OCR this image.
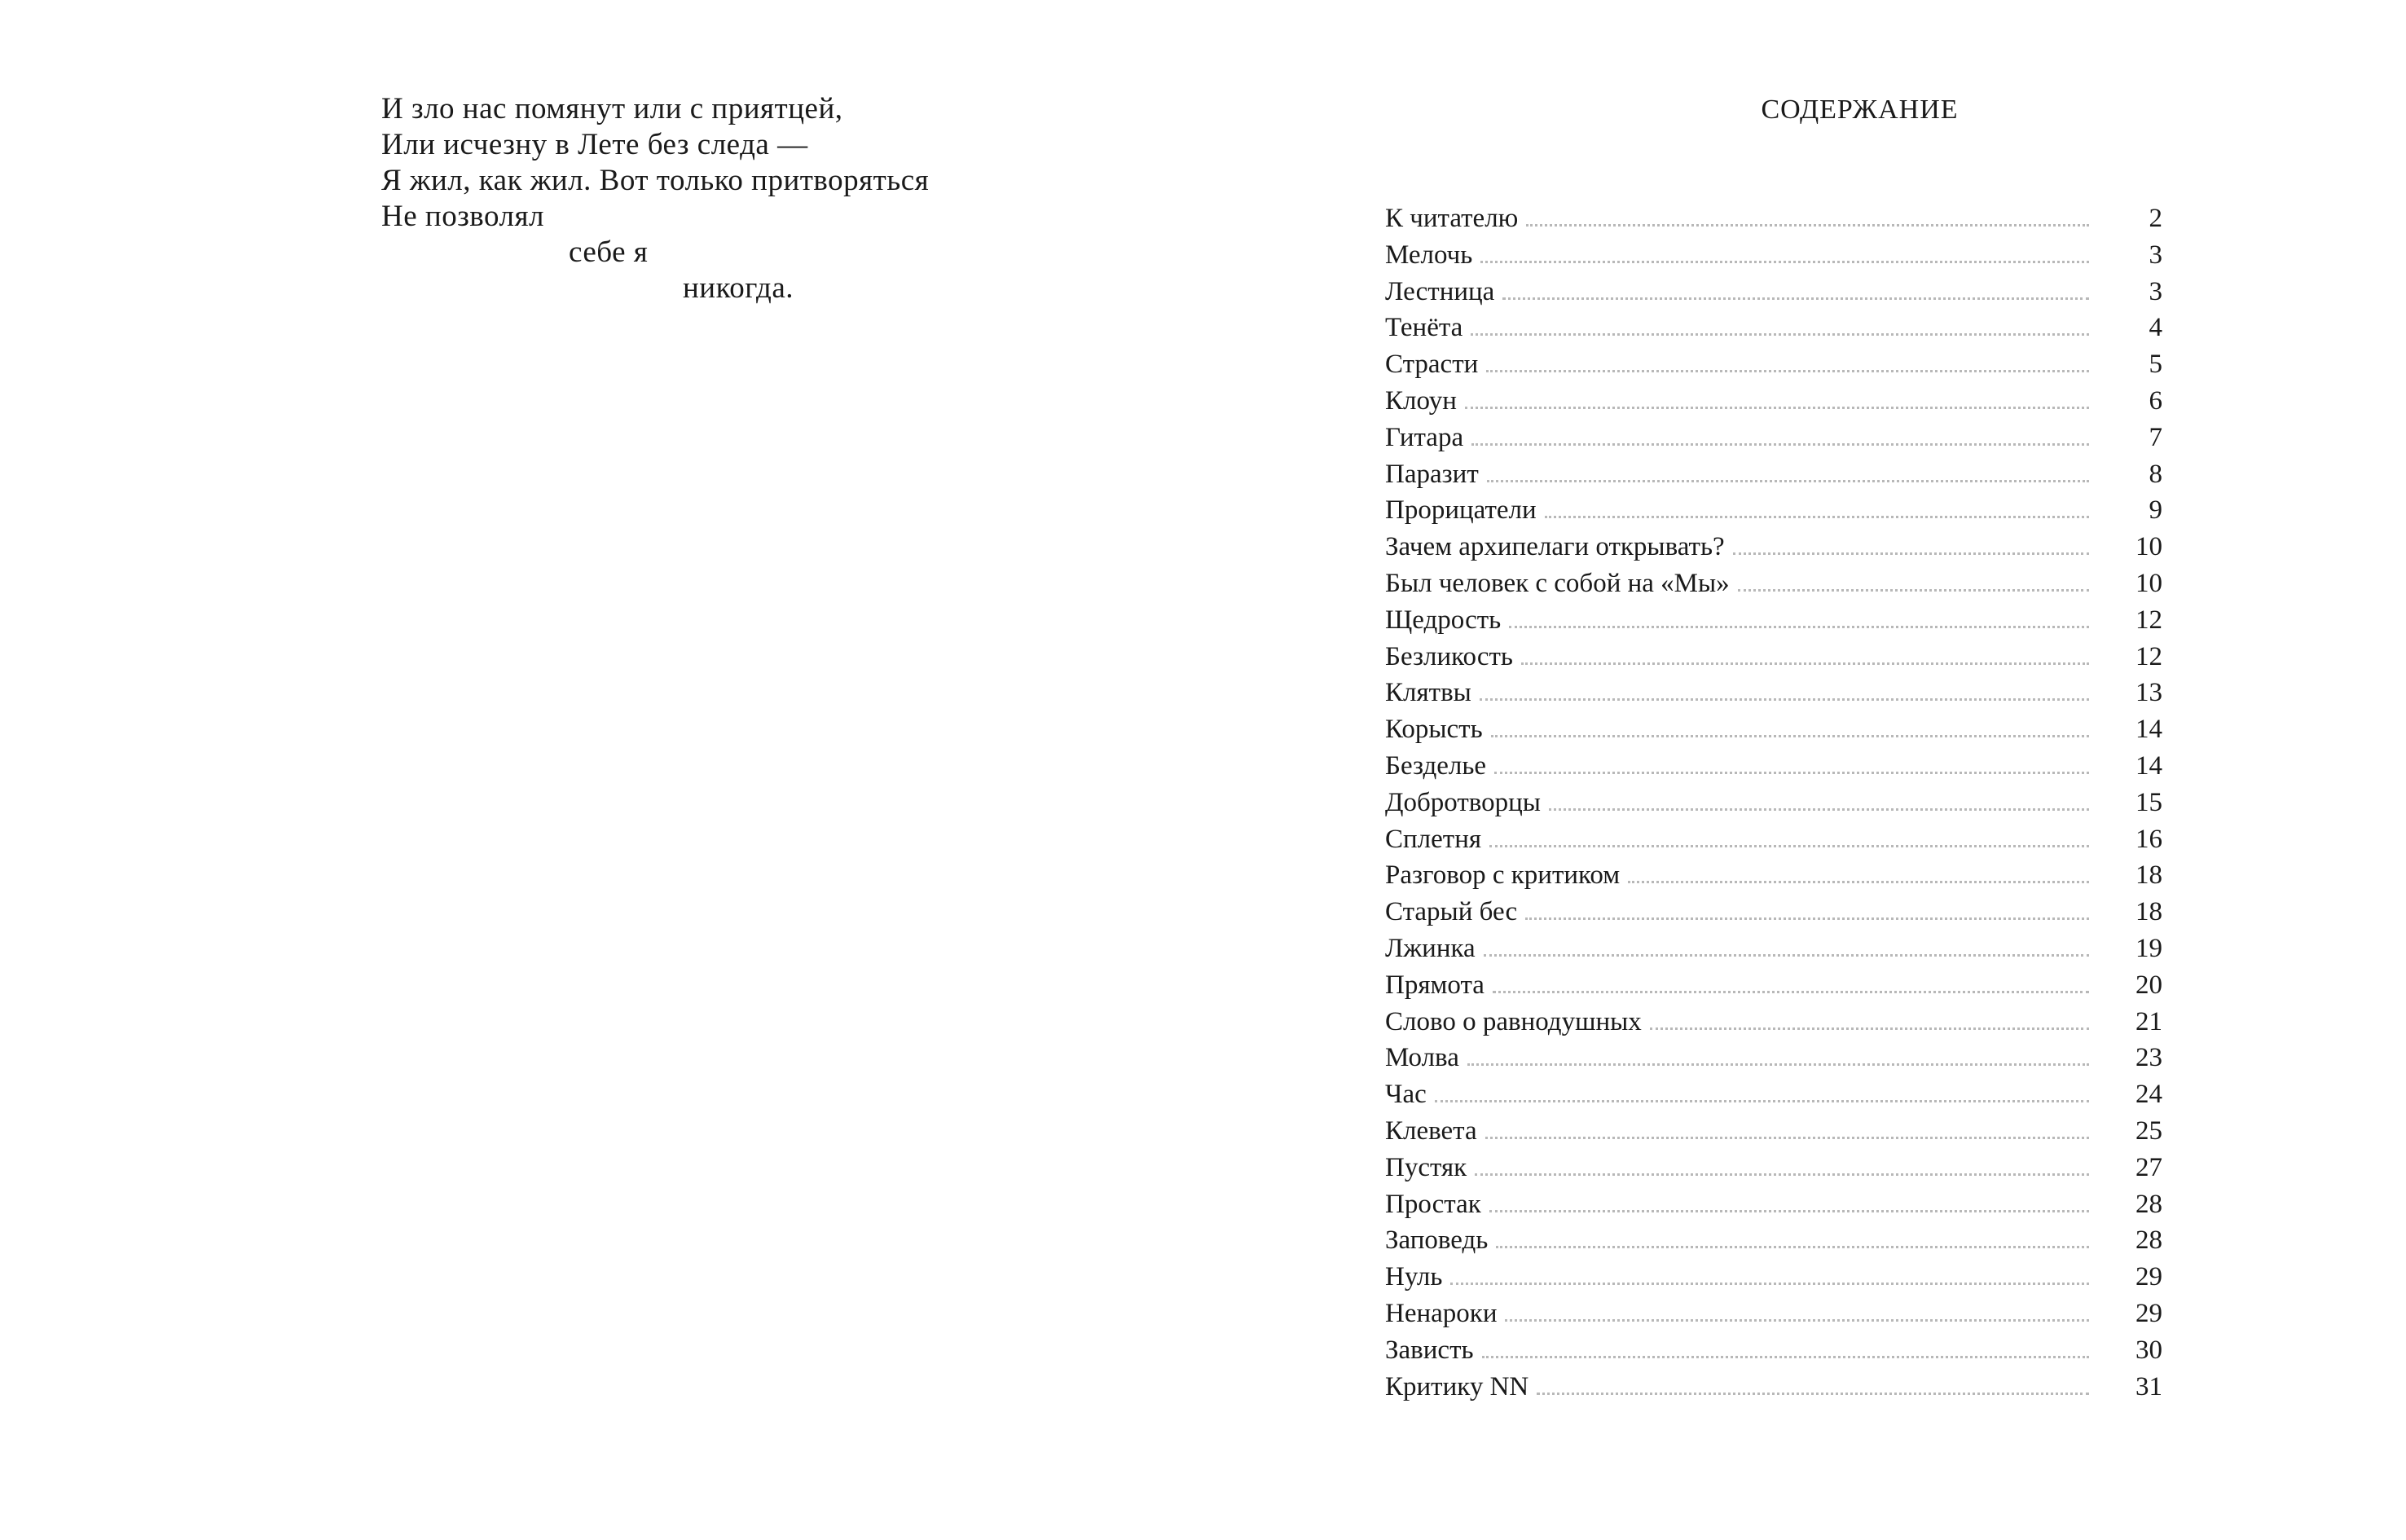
И зло нас помянут или с приятцей,
Или исчезну в Лете без следа —
Я жил, как жил. Вот только притворяться
Не позволял
себе я
никогда.
СОДЕРЖАНИЕ
К читателю	2
Мелочь	3
Лестница	3
Тенёта	4
Страсти	5
Клоун	6
Гитара	7
Паразит	8
Прорицатели	9
Зачем архипелаги открывать?	10
Был человек с собой на «Мы»	10
Щедрость	12
Безликость	12
Клятвы	13
Корысть	14
Безделье	14
Добротворцы	15
Сплетня	16
Разговор с критиком	18
Старый бес	18
Лжинка	19
Прямота	20
Слово о равнодушных	21
Молва	23
Час	24
Клевета	25
Пустяк	27
Простак	28
Заповедь	28
Нуль	29
Ненароки	29
Зависть	30
Критику NN	31
